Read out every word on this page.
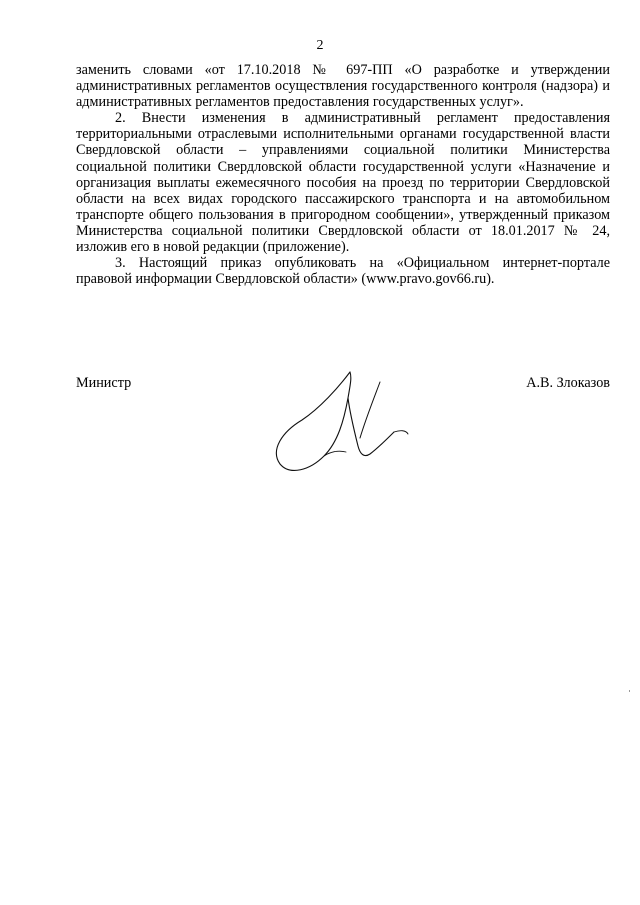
2

заменить словами «от 17.10.2018 № 697-ПП «О разработке и утверждении административных регламентов осуществления государственного контроля (надзора) и административных регламентов предоставления государственных услуг».

2. Внести изменения в административный регламент предоставления территориальными отраслевыми исполнительными органами государственной власти Свердловской области – управлениями социальной политики Министерства социальной политики Свердловской области государственной услуги «Назначение и организация выплаты ежемесячного пособия на проезд по территории Свердловской области на всех видах городского пассажирского транспорта и на автомобильном транспорте общего пользования в пригородном сообщении», утвержденный приказом Министерства социальной политики Свердловской области от 18.01.2017 № 24, изложив его в новой редакции (приложение).

3. Настоящий приказ опубликовать на «Официальном интернет-портале правовой информации Свердловской области» (www.pravo.gov66.ru).

Министр	А.В. Злоказов
